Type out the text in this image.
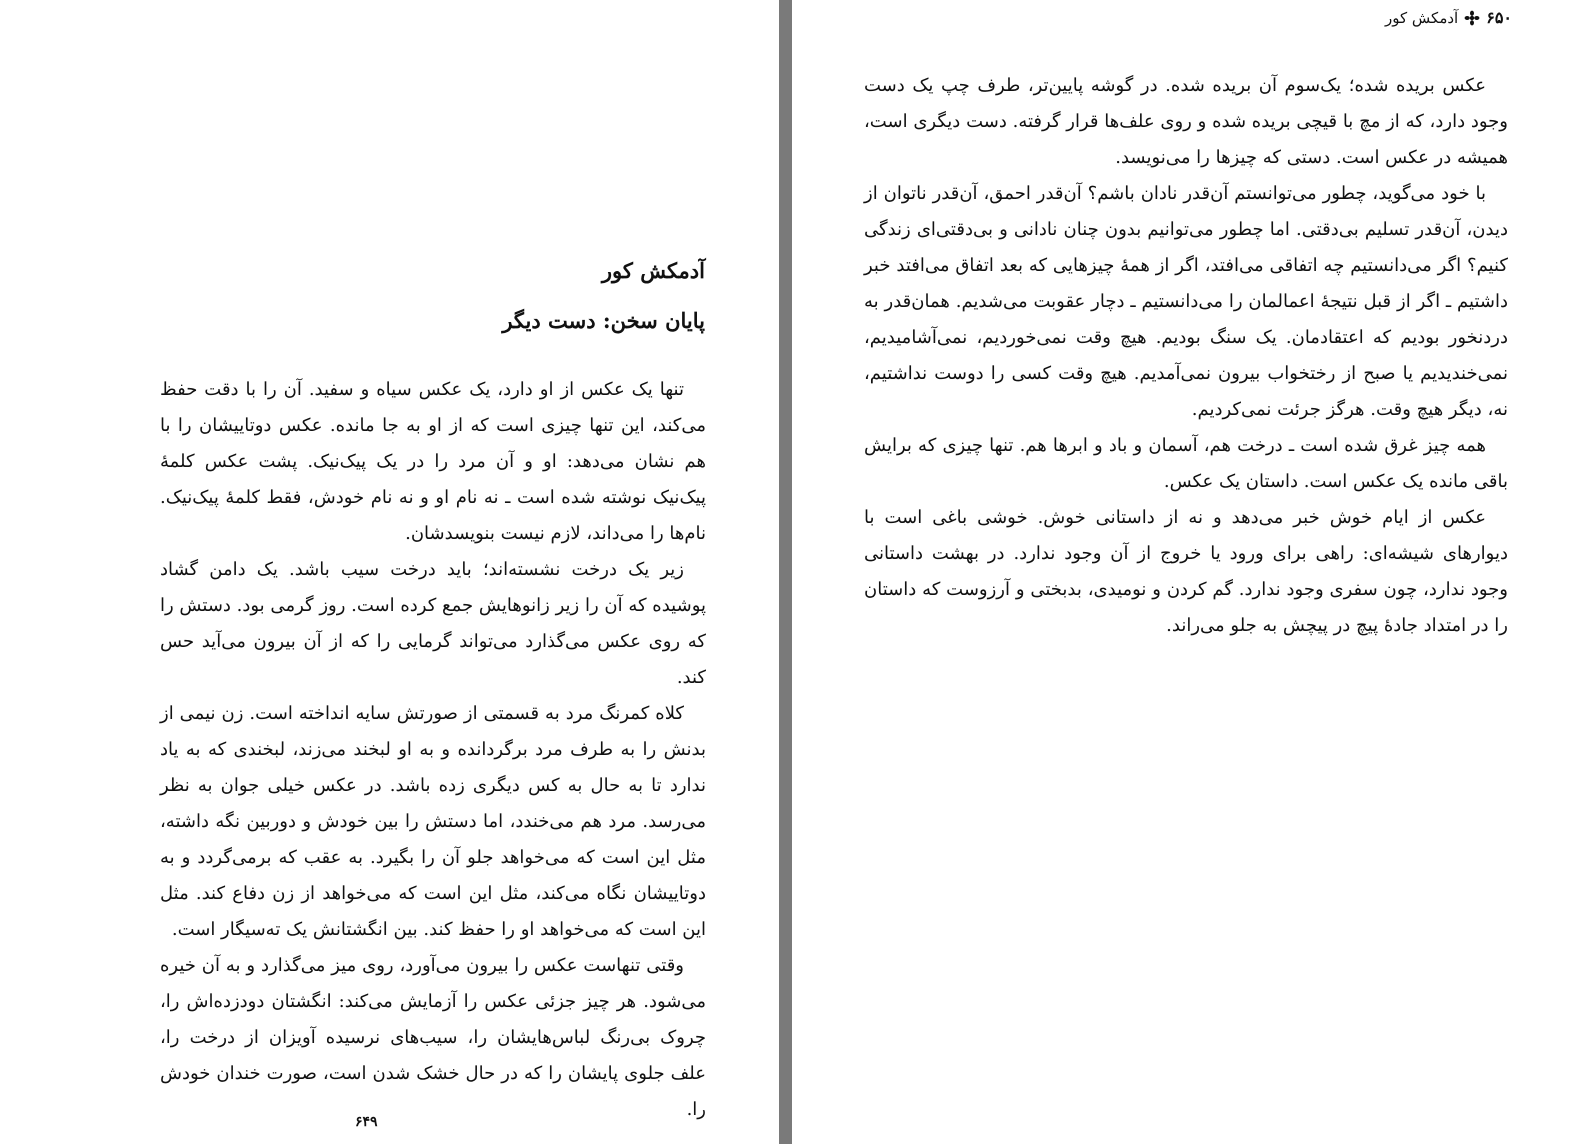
آدمکش کور
پایان سخن: دست دیگر

تنها یک عکس از او دارد، یک عکس سیاه و سفید. آن را با دقت حفظ می‌کند، این تنها چیزی است که از او به جا مانده. عکس دوتاییشان را با هم نشان می‌دهد: او و آن مرد را در یک پیک‌نیک. پشت عکس کلمهٔ پیک‌نیک نوشته شده است ـ نه نام او و نه نام خودش، فقط کلمهٔ پیک‌نیک. نام‌ها را می‌داند، لازم نیست بنویسدشان.

زیر یک درخت نشسته‌اند؛ باید درخت سیب باشد. یک دامن گشاد پوشیده که آن را زیر زانوهایش جمع کرده است. روز گرمی بود. دستش را که روی عکس می‌گذارد می‌تواند گرمایی را که از آن بیرون می‌آید حس کند.

کلاه کمرنگ مرد به قسمتی از صورتش سایه انداخته است. زن نیمی از بدنش را به طرف مرد برگردانده و به او لبخند می‌زند، لبخندی که به یاد ندارد تا به حال به کس دیگری زده باشد. در عکس خیلی جوان به نظر می‌رسد. مرد هم می‌خندد، اما دستش را بین خودش و دوربین نگه داشته، مثل این است که می‌خواهد جلو آن را بگیرد. به عقب که برمی‌گردد و به دوتاییشان نگاه می‌کند، مثل این است که می‌خواهد از زن دفاع کند. مثل این است که می‌خواهد او را حفظ کند. بین انگشتانش یک ته‌سیگار است.

وقتی تنهاست عکس را بیرون می‌آورد، روی میز می‌گذارد و به آن خیره می‌شود. هر چیز جزئی عکس را آزمایش می‌کند: انگشتان دودزده‌اش را، چروک بی‌رنگ لباس‌هایشان را، سیب‌های نرسیده آویزان از درخت را، علف جلوی پایشان را که در حال خشک شدن است، صورت خندان خودش را.

۶۴۹
۶۵۰
آدمکش کور

عکس بریده شده؛ یک‌سوم آن بریده شده. در گوشه پایین‌تر، طرف چپ یک دست وجود دارد، که از مچ با قیچی بریده شده و روی علف‌ها قرار گرفته. دست دیگری است، همیشه در عکس است. دستی که چیزها را می‌نویسد.

با خود می‌گوید، چطور می‌توانستم آن‌قدر نادان باشم؟ آن‌قدر احمق، آن‌قدر ناتوان از دیدن، آن‌قدر تسلیم بی‌دقتی. اما چطور می‌توانیم بدون چنان نادانی و بی‌دقتی‌ای زندگی کنیم؟ اگر می‌دانستیم چه اتفاقی می‌افتد، اگر از همهٔ چیزهایی که بعد اتفاق می‌افتد خبر داشتیم ـ اگر از قبل نتیجهٔ اعمالمان را می‌دانستیم ـ دچار عقوبت می‌شدیم. همان‌قدر به دردنخور بودیم که اعتقادمان. یک سنگ بودیم. هیچ وقت نمی‌خوردیم، نمی‌آشامیدیم، نمی‌خندیدیم یا صبح از رختخواب بیرون نمی‌آمدیم. هیچ وقت کسی را دوست نداشتیم، نه، دیگر هیچ وقت. هرگز جرئت نمی‌کردیم.

همه چیز غرق شده است ـ درخت هم، آسمان و باد و ابرها هم. تنها چیزی که برایش باقی مانده یک عکس است. داستان یک عکس.

عکس از ایام خوش خبر می‌دهد و نه از داستانی خوش. خوشی باغی است با دیوارهای شیشه‌ای: راهی برای ورود یا خروج از آن وجود ندارد. در بهشت داستانی وجود ندارد، چون سفری وجود ندارد. گم کردن و نومیدی، بدبختی و آرزوست که داستان را در امتداد جادهٔ پیچ در پیچش به جلو می‌راند.
